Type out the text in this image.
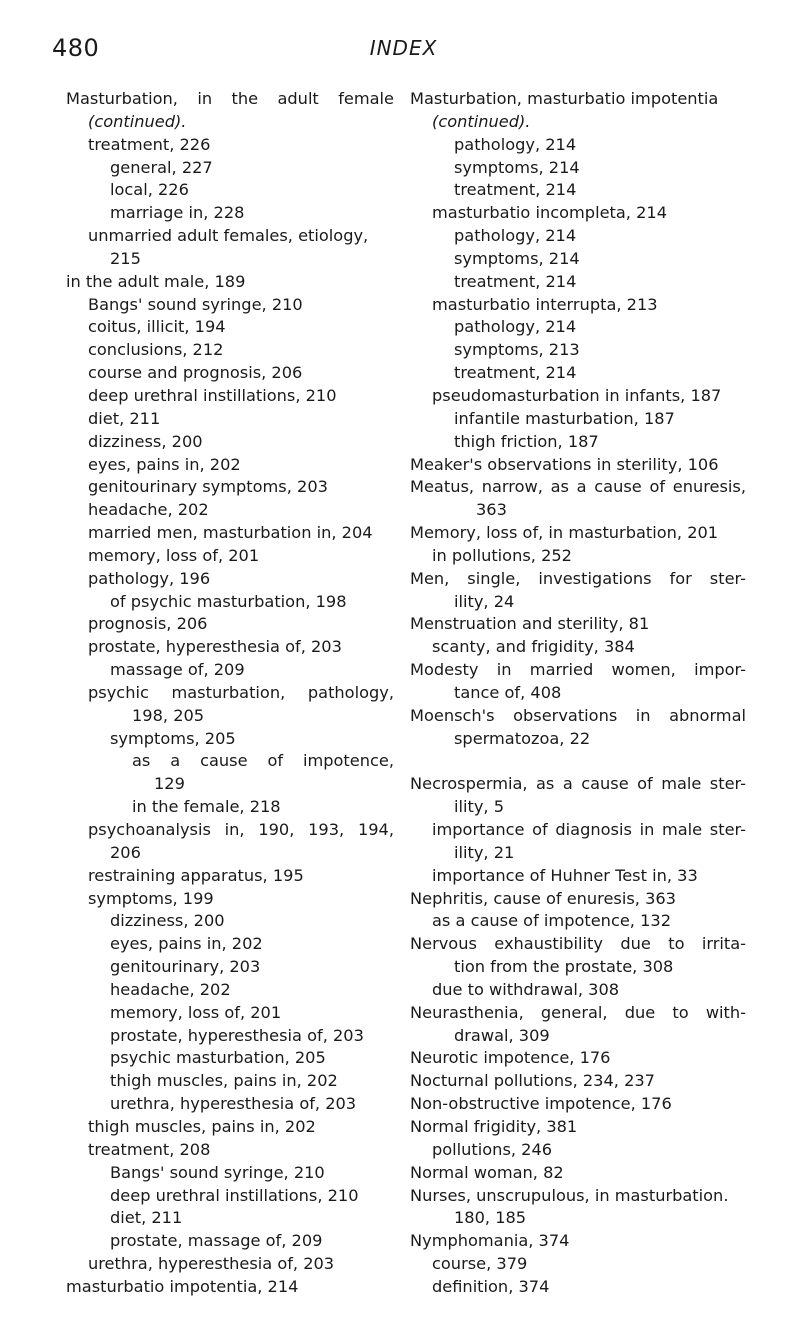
480	INDEX
Masturbation, in the adult female
(continued).
treatment, 226
general, 227
local, 226
marriage in, 228
unmarried adult females, etiology,
215
in the adult male, 189
Bangs' sound syringe, 210
coitus, illicit, 194
conclusions, 212
course and prognosis, 206
deep urethral instillations, 210
diet, 211
dizziness, 200
eyes, pains in, 202
genitourinary symptoms, 203
headache, 202
married men, masturbation in, 204
memory, loss of, 201
pathology, 196
of psychic masturbation, 198
prognosis, 206
prostate, hyperesthesia of, 203
massage of, 209
psychic masturbation, pathology,
198, 205
symptoms, 205
as a cause of impotence,
129
in the female, 218
psychoanalysis in, 190, 193, 194,
206
restraining apparatus, 195
symptoms, 199
dizziness, 200
eyes, pains in, 202
genitourinary, 203
headache, 202
memory, loss of, 201
prostate, hyperesthesia of, 203
psychic masturbation, 205
thigh muscles, pains in, 202
urethra, hyperesthesia of, 203
thigh muscles, pains in, 202
treatment, 208
Bangs' sound syringe, 210
deep urethral instillations, 210
diet, 211
prostate, massage of, 209
urethra, hyperesthesia of, 203
masturbatio impotentia, 214
Masturbation, masturbatio impotentia
(continued).
pathology, 214
symptoms, 214
treatment, 214
masturbatio incompleta, 214
pathology, 214
symptoms, 214
treatment, 214
masturbatio interrupta, 213
pathology, 214
symptoms, 213
treatment, 214
pseudomasturbation in infants, 187
infantile masturbation, 187
thigh friction, 187
Meaker's observations in sterility, 106
Meatus, narrow, as a cause of enuresis,
363
Memory, loss of, in masturbation, 201
in pollutions, 252
Men, single, investigations for ster-
ility, 24
Menstruation and sterility, 81
scanty, and frigidity, 384
Modesty in married women, impor-
tance of, 408
Moensch's observations in abnormal
spermatozoa, 22
Necrospermia, as a cause of male ster-
ility, 5
importance of diagnosis in male ster-
ility, 21
importance of Huhner Test in, 33
Nephritis, cause of enuresis, 363
as a cause of impotence, 132
Nervous exhaustibility due to irrita-
tion from the prostate, 308
due to withdrawal, 308
Neurasthenia, general, due to with-
drawal, 309
Neurotic impotence, 176
Nocturnal pollutions, 234, 237
Non-obstructive impotence, 176
Normal frigidity, 381
pollutions, 246
Normal woman, 82
Nurses, unscrupulous, in masturbation.
180, 185
Nymphomania, 374
course, 379
definition, 374
